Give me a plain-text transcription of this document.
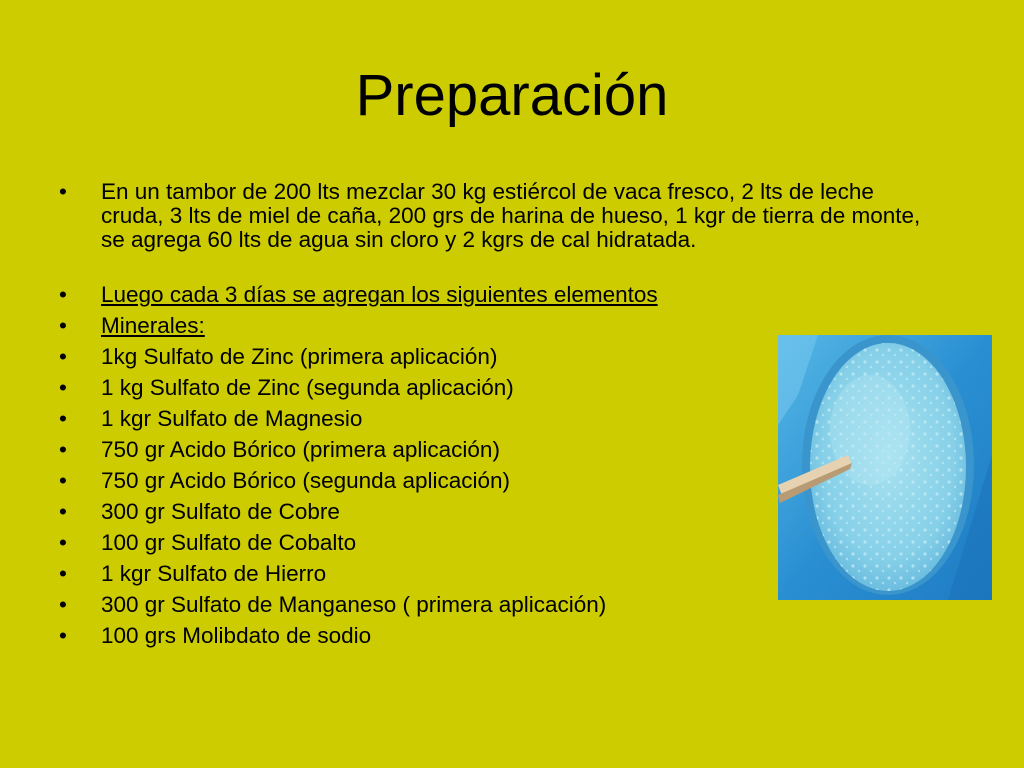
Preparación
• En un tambor de 200 lts mezclar 30 kg estiércol de vaca fresco, 2 lts de leche cruda, 3 lts de miel de caña, 200 grs de harina de hueso, 1 kgr de tierra de monte, se agrega 60 lts de agua sin cloro y 2 kgrs de cal hidratada.
• Luego cada 3 días se agregan los siguientes elementos
• Minerales:
• 1kg Sulfato de Zinc (primera aplicación)
• 1 kg Sulfato de Zinc (segunda aplicación)
• 1 kgr Sulfato de Magnesio
• 750 gr Acido Bórico (primera aplicación)
• 750 gr Acido Bórico (segunda aplicación)
• 300 gr Sulfato de Cobre
• 100 gr Sulfato de Cobalto
• 1 kgr Sulfato de Hierro
• 300 gr Sulfato de Manganeso ( primera aplicación)
• 100 grs Molibdato de sodio
